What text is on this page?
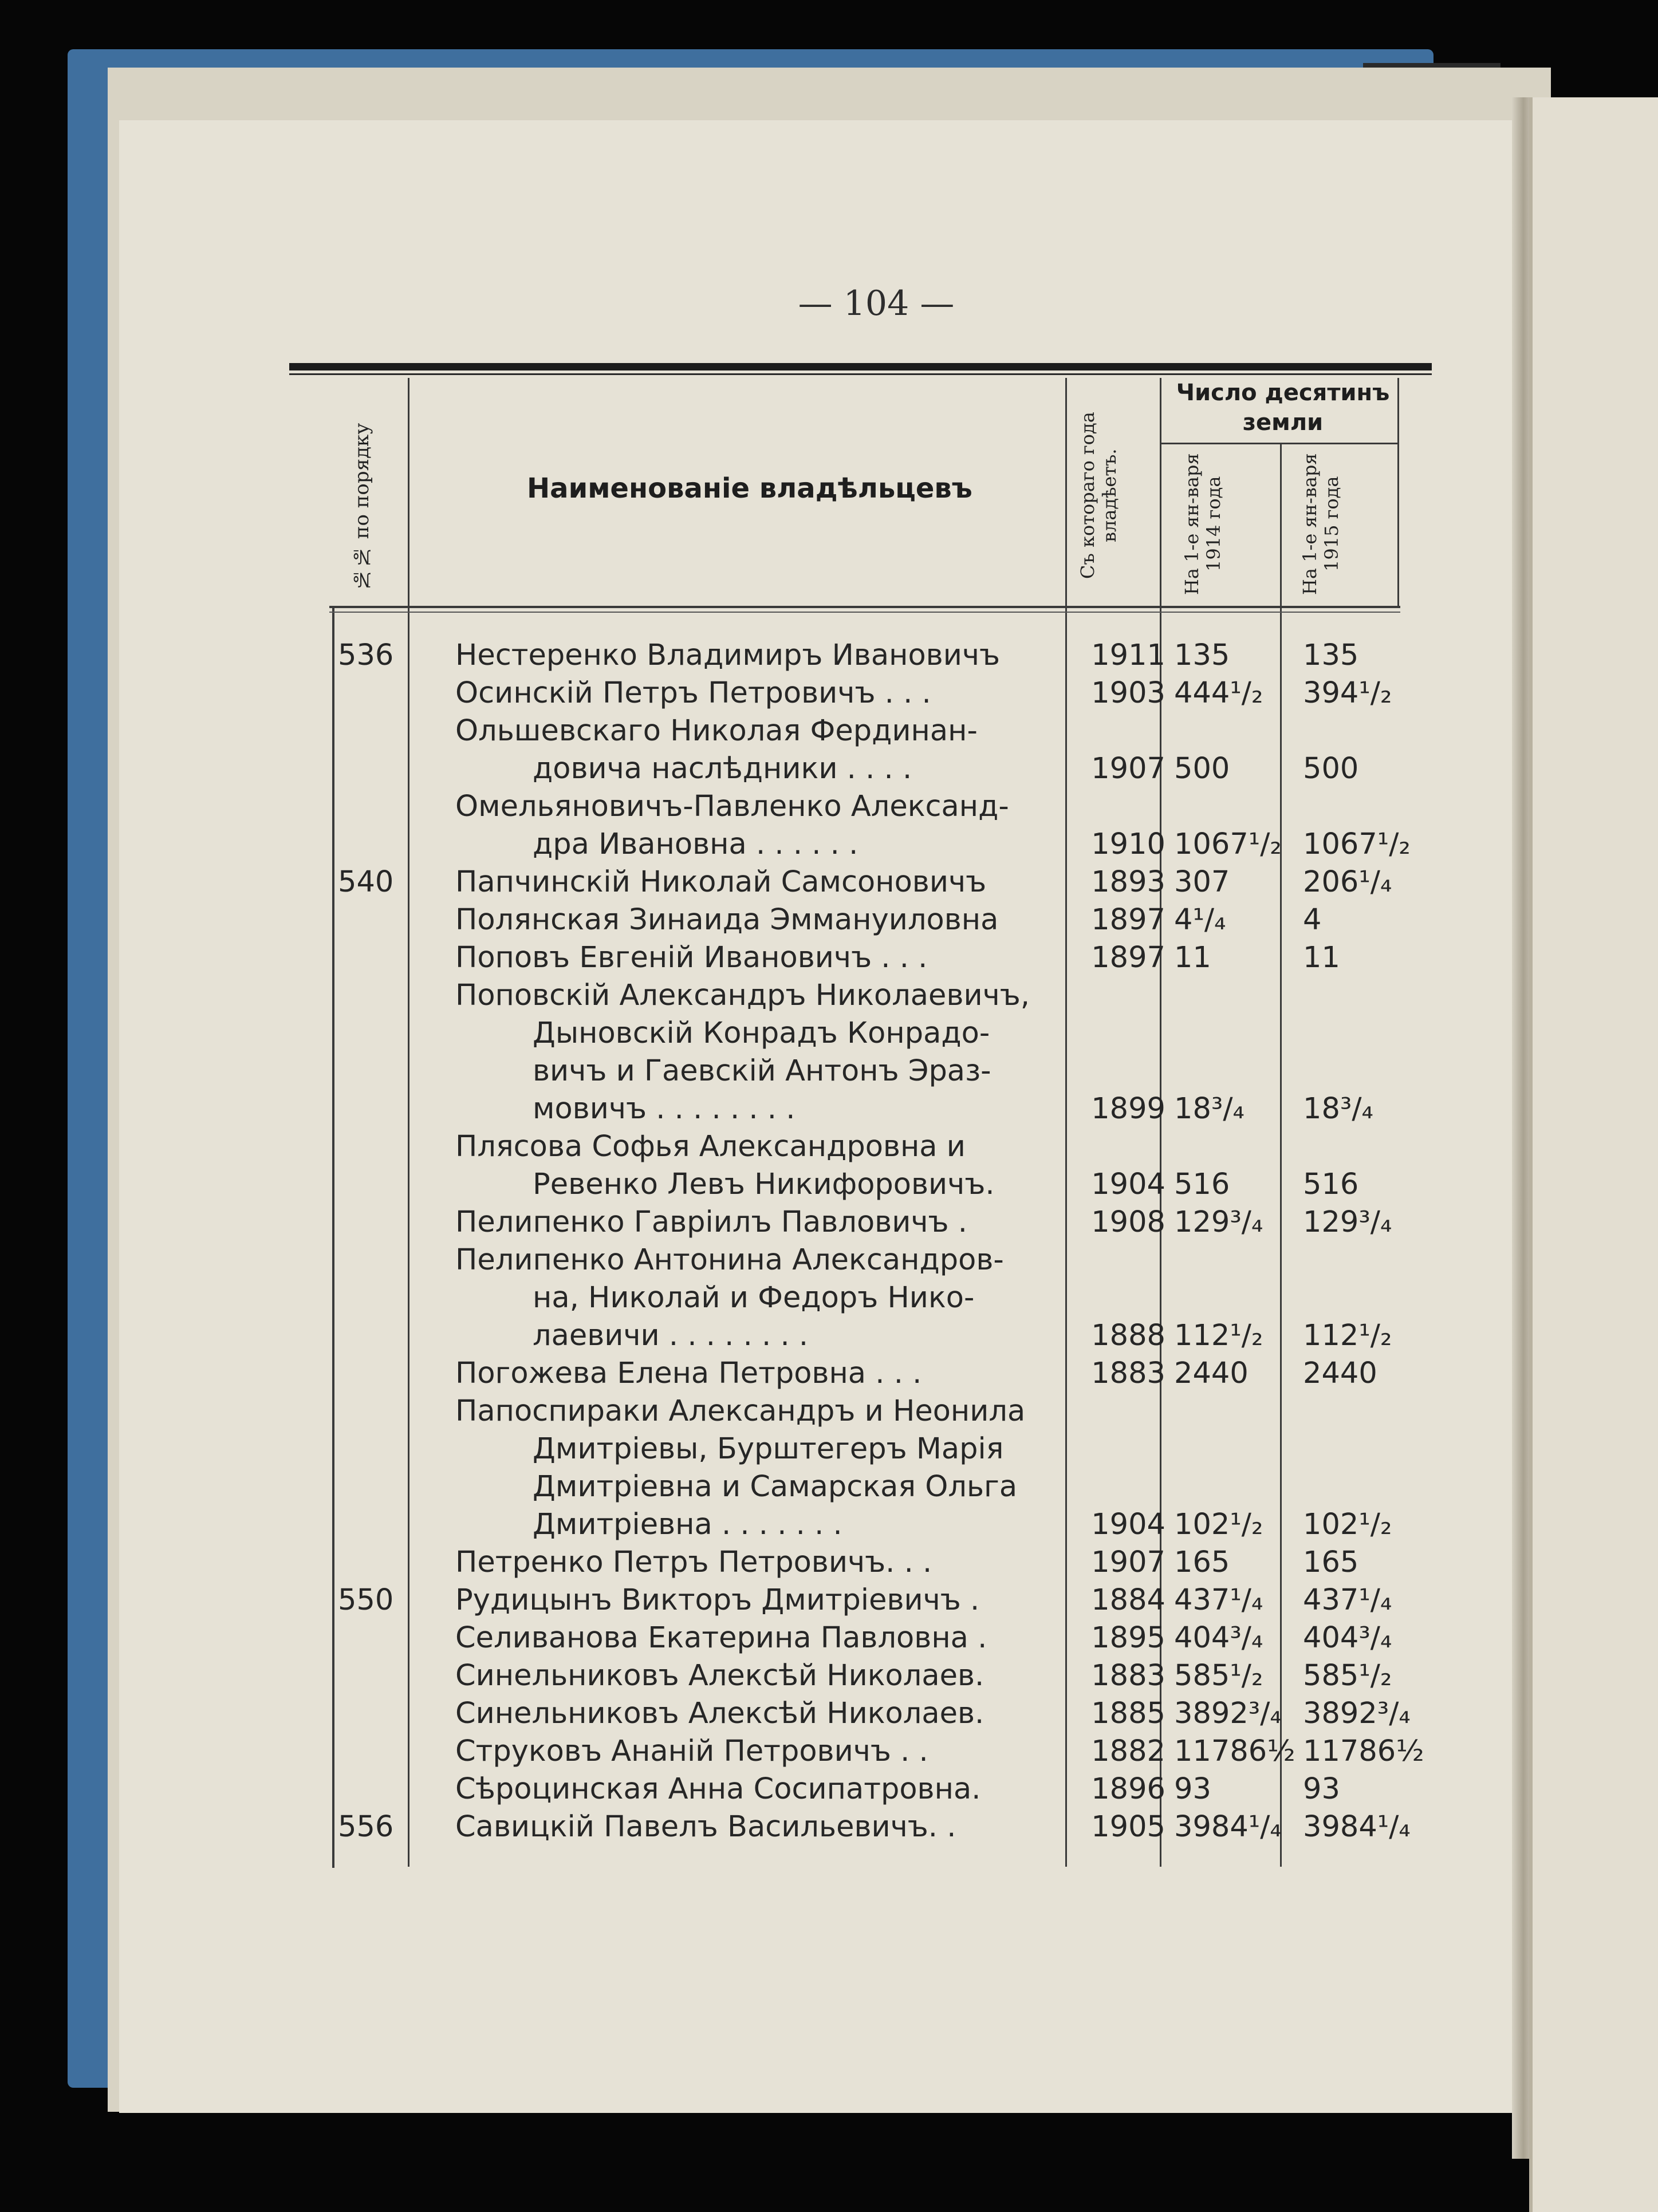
— 104 —
№№ по порядку	Наименованіе владѣльцевъ	Съ котораго года владѣетъ.
Число десятинъ земли
На 1-е ян-варя 1914 года	На 1-е ян-варя 1915 года
536	Нестеренко Владимиръ Ивановичъ	1911 135	135
Осинскій Петръ Петровичъ . . .	1903 444¹/₂	394¹/₂
Ольшевскаго Николая Фердинан-
довича наслѣдники . . . .	1907 500	500
Омельяновичъ-Павленко Александ-
дра Ивановна . . . . . .	1910 1067¹/₂ 1067¹/₂
540	Папчинскій Николай Самсоновичъ	1893 307	206¹/₄
Полянская Зинаида Эммануиловна	1897 4¹/₄	4
Поповъ Евгеній Ивановичъ . . .	1897 11	11
Поповскій Александръ Николаевичъ,
Дыновскій Конрадъ Конрадо-
вичъ и Гаевскій Антонъ Эраз-
мовичъ . . . . . . . .	1899 18³/₄	18³/₄
Плясова Софья Александровна и
Ревенко Левъ Никифоровичъ.	1904 516	516
Пелипенко Гавріилъ Павловичъ .	1908 129³/₄	129³/₄
Пелипенко Антонина Александров-
на, Николай и Федоръ Нико-
лаевичи . . . . . . . .	1888 112¹/₂	112¹/₂
Погожева Елена Петровна . . .	1883 2440	2440
Папоспираки Александръ и Неонила
Дмитріевы, Бурштегеръ Марія
Дмитріевна и Самарская Ольга
Дмитріевна . . . . . . .	1904 102¹/₂	102¹/₂
Петренко Петръ Петровичъ. . .	1907 165	165
550	Рудицынъ Викторъ Дмитріевичъ .	1884 437¹/₄	437¹/₄
Селиванова Екатерина Павловна .	1895 404³/₄	404³/₄
Синельниковъ Алексѣй Николаев.	1883 585¹/₂	585¹/₂
Синельниковъ Алексѣй Николаев.	1885 3892³/₄ 3892³/₄
Струковъ Ананій Петровичъ . .	1882 11786½ 11786½
Сѣроцинская Анна Сосипатровна.	1896 93	93
556	Савицкій Павелъ Васильевичъ. .	1905 3984¹/₄ 3984¹/₄
